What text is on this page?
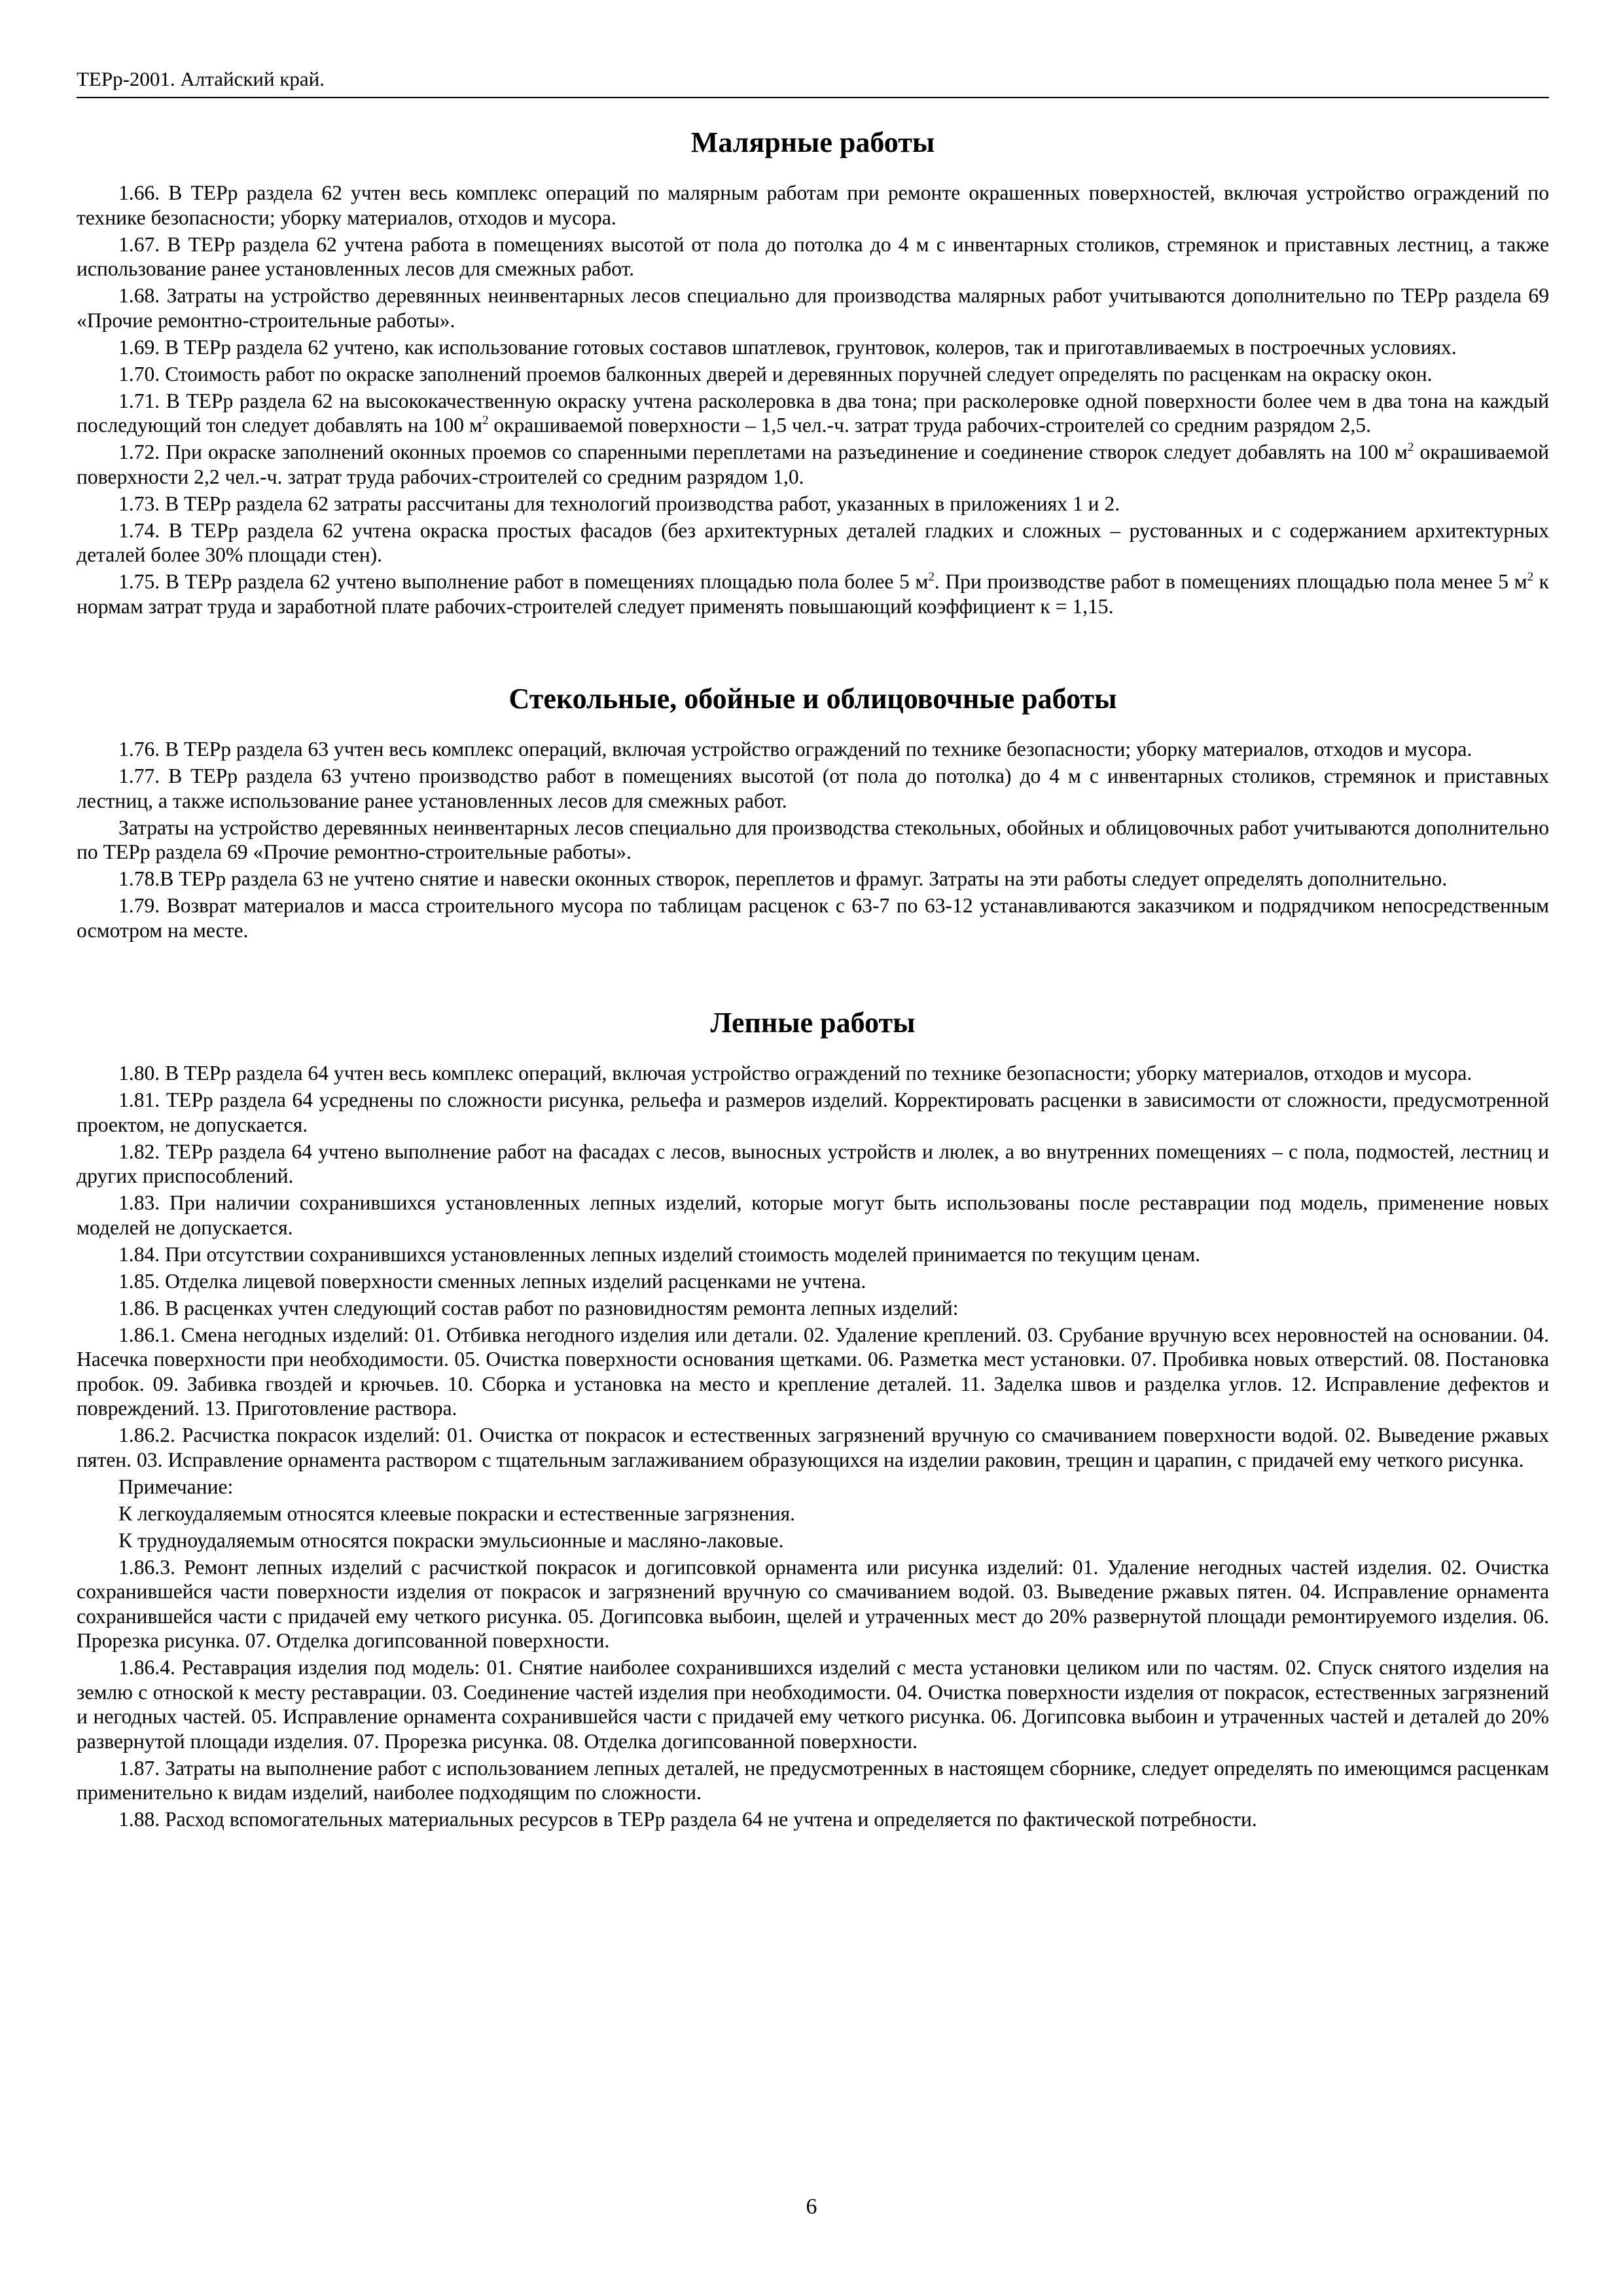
ТЕРр-2001. Алтайский край.
Малярные работы

1.66. В ТЕРр раздела 62 учтен весь комплекс операций по малярным работам при ремонте окрашенных поверхностей, включая устройство ограждений по технике безопасности; уборку материалов, отходов и мусора.

1.67. В ТЕРр раздела 62 учтена работа в помещениях высотой от пола до потолка до 4 м с инвентарных столиков, стремянок и приставных лестниц, а также использование ранее установленных лесов для смежных работ.

1.68. Затраты на устройство деревянных неинвентарных лесов специально для производства малярных работ учитываются дополнительно по ТЕРр раздела 69 «Прочие ремонтно-строительные работы».

1.69. В ТЕРр раздела 62 учтено, как использование готовых составов шпатлевок, грунтовок, колеров, так и приготавливаемых в построечных условиях.

1.70. Стоимость работ по окраске заполнений проемов балконных дверей и деревянных поручней следует определять по расценкам на окраску окон.

1.71. В ТЕРр раздела 62 на высококачественную окраску учтена расколеровка в два тона; при расколеровке одной поверхности более чем в два тона на каждый последующий тон следует добавлять на 100 $м^2$ окрашиваемой поверхности – 1,5 чел.-ч. затрат труда рабочих-строителей со средним разрядом 2,5.

1.72. При окраске заполнений оконных проемов со спаренными переплетами на разъединение и соединение створок следует добавлять на 100 $м^2$ окрашиваемой поверхности 2,2 чел.-ч. затрат труда рабочих-строителей со средним разрядом 1,0.

1.73. В ТЕРр раздела 62 затраты рассчитаны для технологий производства работ, указанных в приложениях 1 и 2.

1.74. В ТЕРр раздела 62 учтена окраска простых фасадов (без архитектурных деталей гладких и сложных – рустованных и с содержанием архитектурных деталей более 30% площади стен).

1.75. В ТЕРр раздела 62 учтено выполнение работ в помещениях площадью пола более 5 $м^2$. При производстве работ в помещениях площадью пола менее 5 $м^2$ к нормам затрат труда и заработной плате рабочих-строителей следует применять повышающий коэффициент к = 1,15.

Стекольные, обойные и облицовочные работы

1.76. В ТЕРр раздела 63 учтен весь комплекс операций, включая устройство ограждений по технике безопасности; уборку материалов, отходов и мусора.

1.77. В ТЕРр раздела 63 учтено производство работ в помещениях высотой (от пола до потолка) до 4 м с инвентарных столиков, стремянок и приставных лестниц, а также использование ранее установленных лесов для смежных работ.

Затраты на устройство деревянных неинвентарных лесов специально для производства стекольных, обойных и облицовочных работ учитываются дополнительно по ТЕРр раздела 69 «Прочие ремонтно-строительные работы».

1.78.В ТЕРр раздела 63 не учтено снятие и навески оконных створок, переплетов и фрамуг. Затраты на эти работы следует определять дополнительно.

1.79. Возврат материалов и масса строительного мусора по таблицам расценок с 63-7 по 63-12 устанавливаются заказчиком и подрядчиком непосредственным осмотром на месте.

Лепные работы

1.80. В ТЕРр раздела 64 учтен весь комплекс операций, включая устройство ограждений по технике безопасности; уборку материалов, отходов и мусора.

1.81. ТЕРр раздела 64 усреднены по сложности рисунка, рельефа и размеров изделий. Корректировать расценки в зависимости от сложности, предусмотренной проектом, не допускается.

1.82. ТЕРр раздела 64 учтено выполнение работ на фасадах с лесов, выносных устройств и люлек, а во внутренних помещениях – с пола, подмостей, лестниц и других приспособлений.

1.83. При наличии сохранившихся установленных лепных изделий, которые могут быть использованы после реставрации под модель, применение новых моделей не допускается.

1.84. При отсутствии сохранившихся установленных лепных изделий стоимость моделей принимается по текущим ценам.

1.85. Отделка лицевой поверхности сменных лепных изделий расценками не учтена.

1.86. В расценках учтен следующий состав работ по разновидностям ремонта лепных изделий:

1.86.1. Смена негодных изделий: 01. Отбивка негодного изделия или детали. 02. Удаление креплений. 03. Срубание вручную всех неровностей на основании. 04. Насечка поверхности при необходимости. 05. Очистка поверхности основания щетками. 06. Разметка мест установки. 07. Пробивка новых отверстий. 08. Постановка пробок. 09. Забивка гвоздей и крючьев. 10. Сборка и установка на место и крепление деталей. 11. Заделка швов и разделка углов. 12. Исправление дефектов и повреждений. 13. Приготовление раствора.

1.86.2. Расчистка покрасок изделий: 01. Очистка от покрасок и естественных загрязнений вручную со смачиванием поверхности водой. 02. Выведение ржавых пятен. 03. Исправление орнамента раствором с тщательным заглаживанием образующихся на изделии раковин, трещин и царапин, с придачей ему четкого рисунка.

Примечание:

К легкоудаляемым относятся клеевые покраски и естественные загрязнения.

К трудноудаляемым относятся покраски эмульсионные и масляно-лаковые.

1.86.3. Ремонт лепных изделий с расчисткой покрасок и догипсовкой орнамента или рисунка изделий: 01. Удаление негодных частей изделия. 02. Очистка сохранившейся части поверхности изделия от покрасок и загрязнений вручную со смачиванием водой. 03. Выведение ржавых пятен. 04. Исправление орнамента сохранившейся части с придачей ему четкого рисунка. 05. Догипсовка выбоин, щелей и утраченных мест до 20% развернутой площади ремонтируемого изделия. 06. Прорезка рисунка. 07. Отделка догипсованной поверхности.

1.86.4. Реставрация изделия под модель: 01. Снятие наиболее сохранившихся изделий с места установки целиком или по частям. 02. Спуск снятого изделия на землю с отноской к месту реставрации. 03. Соединение частей изделия при необходимости. 04. Очистка поверхности изделия от покрасок, естественных загрязнений и негодных частей. 05. Исправление орнамента сохранившейся части с придачей ему четкого рисунка. 06. Догипсовка выбоин и утраченных частей и деталей до 20% развернутой площади изделия. 07. Прорезка рисунка. 08. Отделка догипсованной поверхности.

1.87. Затраты на выполнение работ с использованием лепных деталей, не предусмотренных в настоящем сборнике, следует определять по имеющимся расценкам применительно к видам изделий, наиболее подходящим по сложности.

1.88. Расход вспомогательных материальных ресурсов в ТЕРр раздела 64 не учтена и определяется по фактической потребности.

6
